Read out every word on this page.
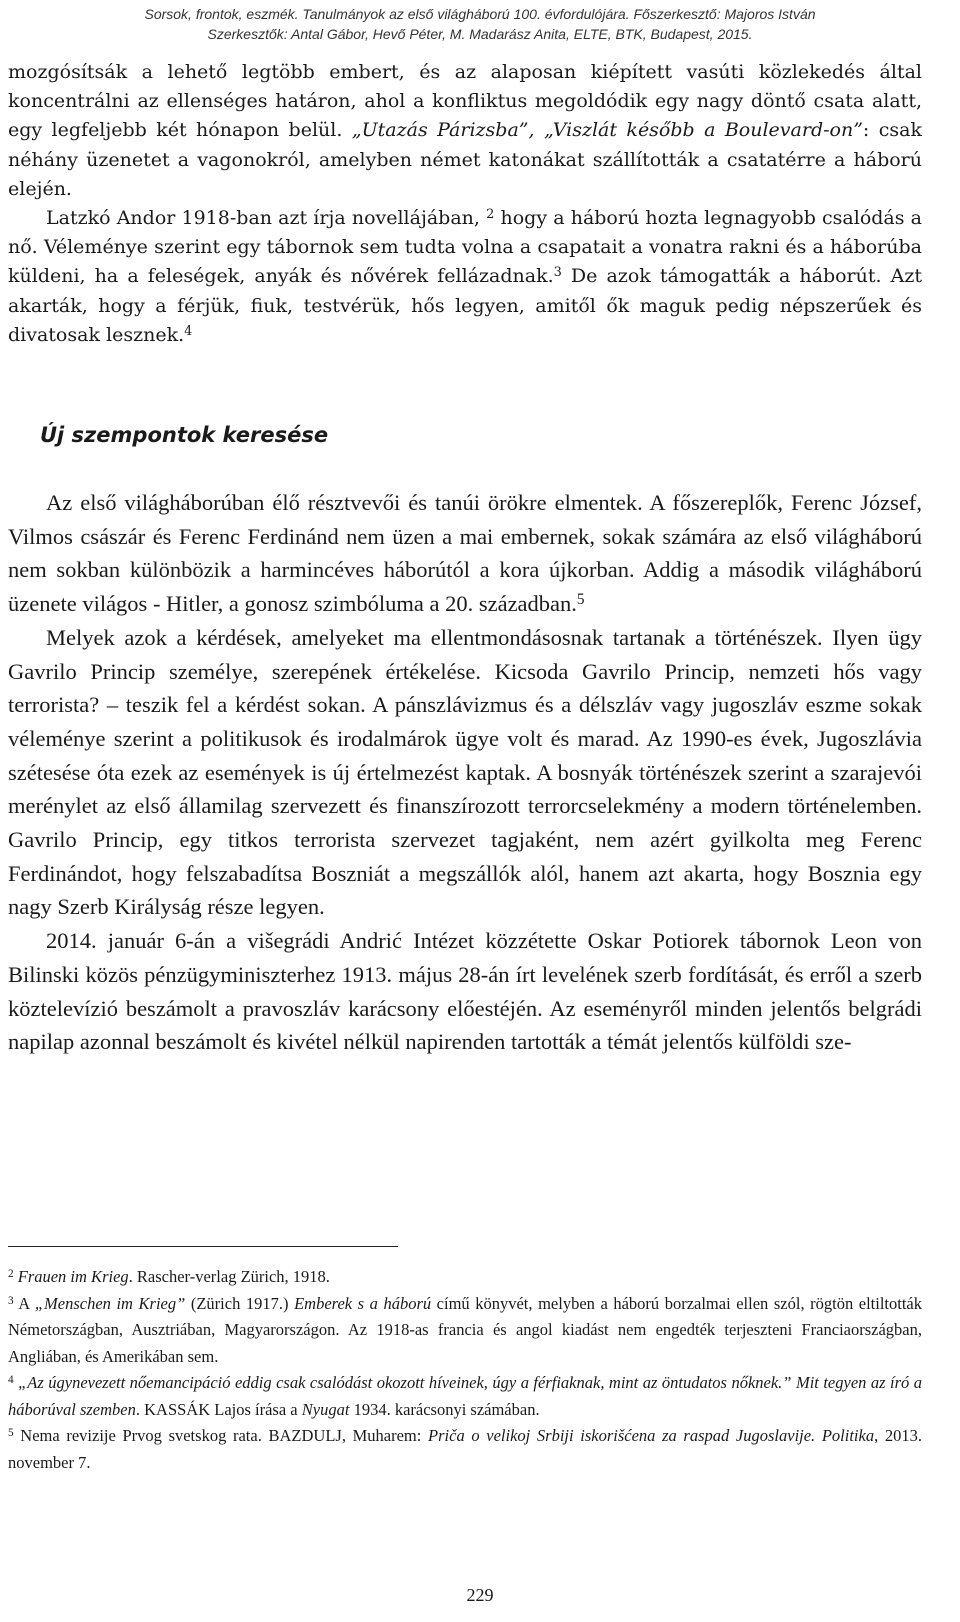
Sorsok, frontok, eszmék. Tanulmányok az első világháború 100. évfordulójára. Főszerkesztő: Majoros István
Szerkesztők: Antal Gábor, Hevő Péter, M. Madarász Anita, ELTE, BTK, Budapest, 2015.

mozgósítsák a lehető legtöbb embert, és az alaposan kiépített vasúti közlekedés által koncentrálni az ellenséges határon, ahol a konfliktus megoldódik egy nagy döntő csata alatt, egy legfeljebb két hónapon belül. „Utazás Párizsba”, „Viszlát később a Boulevard-on”: csak néhány üzenetet a vagonokról, amelyben német katonákat szállították a csatatérre a háború elején.

Latzkó Andor 1918-ban azt írja novellájában, $^2$ hogy a háború hozta legnagyobb csalódás a nő. Véleménye szerint egy tábornok sem tudta volna a csapatait a vonatra rakni és a háborúba küldeni, ha a feleségek, anyák és nővérek fellázadnak.$^3$ De azok támogatták a háborút. Azt akarták, hogy a férjük, fiuk, testvérük, hős legyen, amitől ők maguk pedig népszerűek és divatosak lesznek.$^4$

Új szempontok keresése

Az első világháborúban élő résztvevői és tanúi örökre elmentek. A főszereplők, Ferenc József, Vilmos császár és Ferenc Ferdinánd nem üzen a mai embernek, sokak számára az első világháború nem sokban különbözik a harmincéves háborútól a kora újkorban. Addig a második világháború üzenete világos - Hitler, a gonosz szimbóluma a 20. században.$^5$

Melyek azok a kérdések, amelyeket ma ellentmondásosnak tartanak a történészek. Ilyen ügy Gavrilo Princip személye, szerepének értékelése. Kicsoda Gavrilo Princip, nemzeti hős vagy terrorista? – teszik fel a kérdést sokan. A pánszlávizmus és a délszláv vagy jugoszláv eszme sokak véleménye szerint a politikusok és irodalmárok ügye volt és marad. Az 1990-es évek, Jugoszlávia szétesése óta ezek az események is új értelmezést kaptak. A bosnyák történészek szerint a szarajevói merénylet az első államilag szervezett és finanszírozott terrorcselekmény a modern történelemben. Gavrilo Princip, egy titkos terrorista szervezet tagjaként, nem azért gyilkolta meg Ferenc Ferdinándot, hogy felszabadítsa Boszniát a megszállók alól, hanem azt akarta, hogy Bosznia egy nagy Szerb Királyság része legyen.

2014. január 6-án a višegrádi Andrić Intézet közzétette Oskar Potiorek tábornok Leon von Bilinski közös pénzügyminiszterhez 1913. május 28-án írt levelének szerb fordítását, és erről a szerb köztelevízió beszámolt a pravoszláv karácsony előestéjén. Az eseményről minden jelentős belgrádi napilap azonnal beszámolt és kivétel nélkül napirenden tartották a témát jelentős külföldi sze-

$^2$ Frauen im Krieg. Rascher-verlag Zürich, 1918.

$^3$ A „Menschen im Krieg” (Zürich 1917.) Emberek s a háború című könyvét, melyben a háború borzalmai ellen szól, rögtön eltiltották Németországban, Ausztriában, Magyarországon. Az 1918-as francia és angol kiadást nem engedték terjeszteni Franciaországban, Angliában, és Amerikában sem.

$^4$ „Az úgynevezett nőemancipáció eddig csak csalódást okozott híveinek, úgy a férfiaknak, mint az öntudatos nőknek.” Mit tegyen az író a háborúval szemben. KASSÁK Lajos írása a Nyugat 1934. karácsonyi számában.

$^5$ Nema revizije Prvog svetskog rata. BAZDULJ, Muharem: Priča o velikoj Srbiji iskorišćena za raspad Jugoslavije. Politika, 2013. november 7.

229
